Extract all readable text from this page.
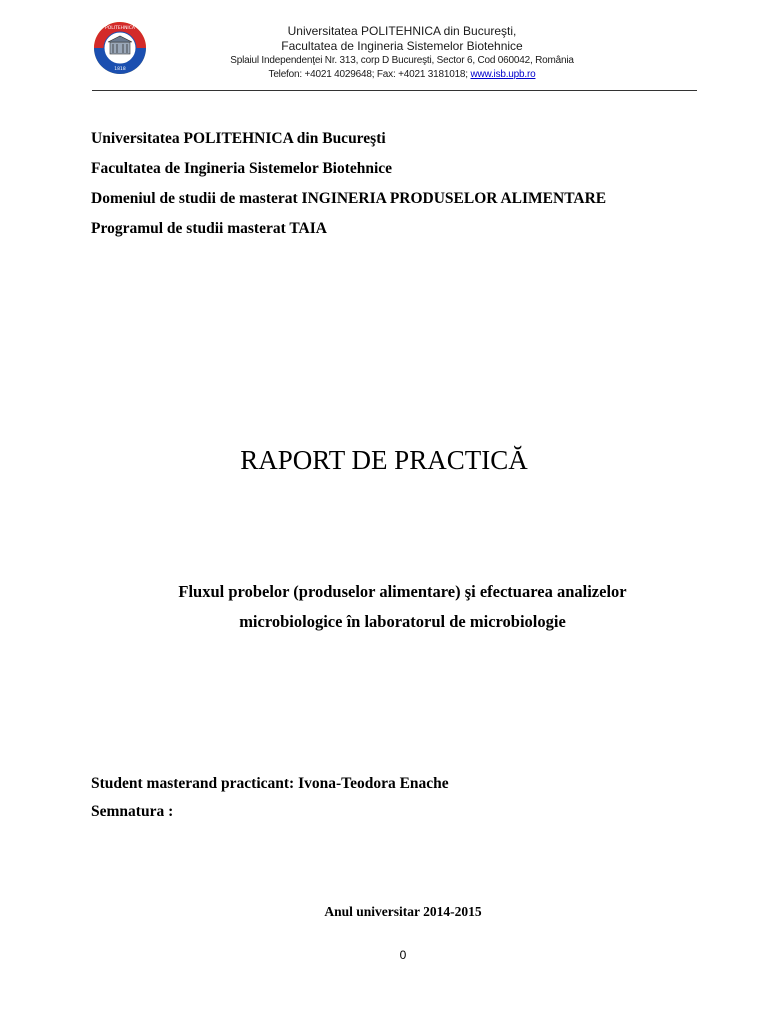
POLITEHNICA
1818
Universitatea POLITEHNICA din Bucureşti,
Facultatea de Ingineria Sistemelor Biotehnice
Splaiul Independenţei Nr. 313, corp D Bucureşti, Sector 6, Cod 060042, România
Telefon: +4021 4029648; Fax: +4021 3181018; www.isb.upb.ro
Universitatea POLITEHNICA din Bucureşti
Facultatea de Ingineria Sistemelor Biotehnice
Domeniul de studii de masterat INGINERIA PRODUSELOR ALIMENTARE
Programul de studii masterat TAIA
RAPORT DE PRACTICĂ
Fluxul probelor (produselor alimentare) şi efectuarea analizelor
microbiologice în laboratorul de microbiologie
Student masterand practicant: Ivona-Teodora Enache
Semnatura :
Anul universitar 2014-2015
0
